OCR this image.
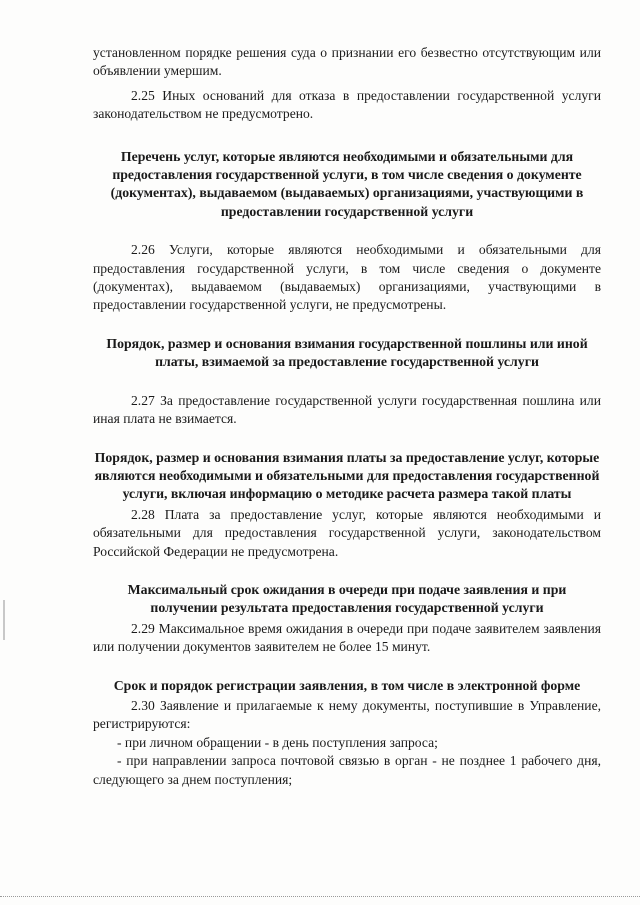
установленном порядке решения суда о признании его безвестно отсутствующим или объявлении умершим.

2.25 Иных оснований для отказа в предоставлении государственной услуги законодательством не предусмотрено.

Перечень услуг, которые являются необходимыми и обязательными для предоставления государственной услуги, в том числе сведения о документе (документах), выдаваемом (выдаваемых) организациями, участвующими в предоставлении государственной услуги

2.26 Услуги, которые являются необходимыми и обязательными для предоставления государственной услуги, в том числе сведения о документе (документах), выдаваемом (выдаваемых) организациями, участвующими в предоставлении государственной услуги, не предусмотрены.

Порядок, размер и основания взимания государственной пошлины или иной платы, взимаемой за предоставление государственной услуги

2.27 За предоставление государственной услуги государственная пошлина или иная плата не взимается.

Порядок, размер и основания взимания платы за предоставление услуг, которые являются необходимыми и обязательными для предоставления государственной услуги, включая информацию о методике расчета размера такой платы

2.28 Плата за предоставление услуг, которые являются необходимыми и обязательными для предоставления государственной услуги, законодательством Российской Федерации не предусмотрена.

Максимальный срок ожидания в очереди при подаче заявления и при получении результата предоставления государственной услуги

2.29 Максимальное время ожидания в очереди при подаче заявителем заявления или получении документов заявителем не более 15 минут.

Срок и порядок регистрации заявления, в том числе в электронной форме

2.30 Заявление и прилагаемые к нему документы, поступившие в Управление, регистрируются:

- при личном обращении - в день поступления запроса;

- при направлении запроса почтовой связью в орган - не позднее 1 рабочего дня, следующего за днем поступления;
